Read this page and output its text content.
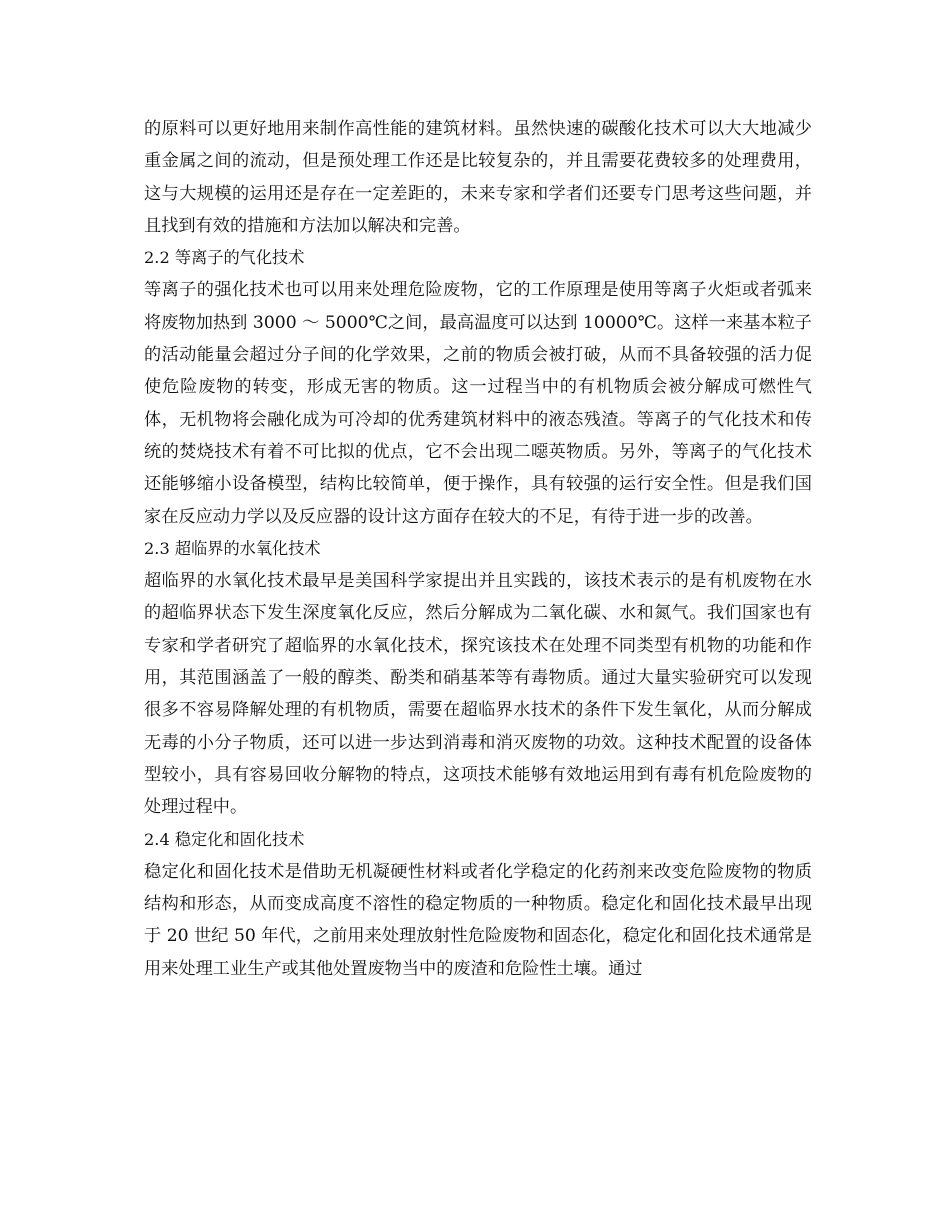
的原料可以更好地用来制作高性能的建筑材料。虽然快速的碳酸化技术可以大大地减少重金属之间的流动，但是预处理工作还是比较复杂的，并且需要花费较多的处理费用，这与大规模的运用还是存在一定差距的，未来专家和学者们还要专门思考这些问题，并且找到有效的措施和方法加以解决和完善。

2.2 等离子的气化技术

等离子的强化技术也可以用来处理危险废物，它的工作原理是使用等离子火炬或者弧来将废物加热到 3000 ～ 5000℃之间，最高温度可以达到 10000℃。这样一来基本粒子的活动能量会超过分子间的化学效果，之前的物质会被打破，从而不具备较强的活力促使危险废物的转变，形成无害的物质。这一过程当中的有机物质会被分解成可燃性气体，无机物将会融化成为可冷却的优秀建筑材料中的液态残渣。等离子的气化技术和传统的焚烧技术有着不可比拟的优点，它不会出现二噁英物质。另外，等离子的气化技术还能够缩小设备模型，结构比较简单，便于操作，具有较强的运行安全性。但是我们国家在反应动力学以及反应器的设计这方面存在较大的不足，有待于进一步的改善。

2.3 超临界的水氧化技术

超临界的水氧化技术最早是美国科学家提出并且实践的，该技术表示的是有机废物在水的超临界状态下发生深度氧化反应，然后分解成为二氧化碳、水和氮气。我们国家也有专家和学者研究了超临界的水氧化技术，探究该技术在处理不同类型有机物的功能和作用，其范围涵盖了一般的醇类、酚类和硝基苯等有毒物质。通过大量实验研究可以发现很多不容易降解处理的有机物质，需要在超临界水技术的条件下发生氧化，从而分解成无毒的小分子物质，还可以进一步达到消毒和消灭废物的功效。这种技术配置的设备体型较小，具有容易回收分解物的特点，这项技术能够有效地运用到有毒有机危险废物的处理过程中。

2.4 稳定化和固化技术

稳定化和固化技术是借助无机凝硬性材料或者化学稳定的化药剂来改变危险废物的物质结构和形态，从而变成高度不溶性的稳定物质的一种物质。稳定化和固化技术最早出现于 20 世纪 50 年代，之前用来处理放射性危险废物和固态化，稳定化和固化技术通常是用来处理工业生产或其他处置废物当中的废渣和危险性土壤。通过
